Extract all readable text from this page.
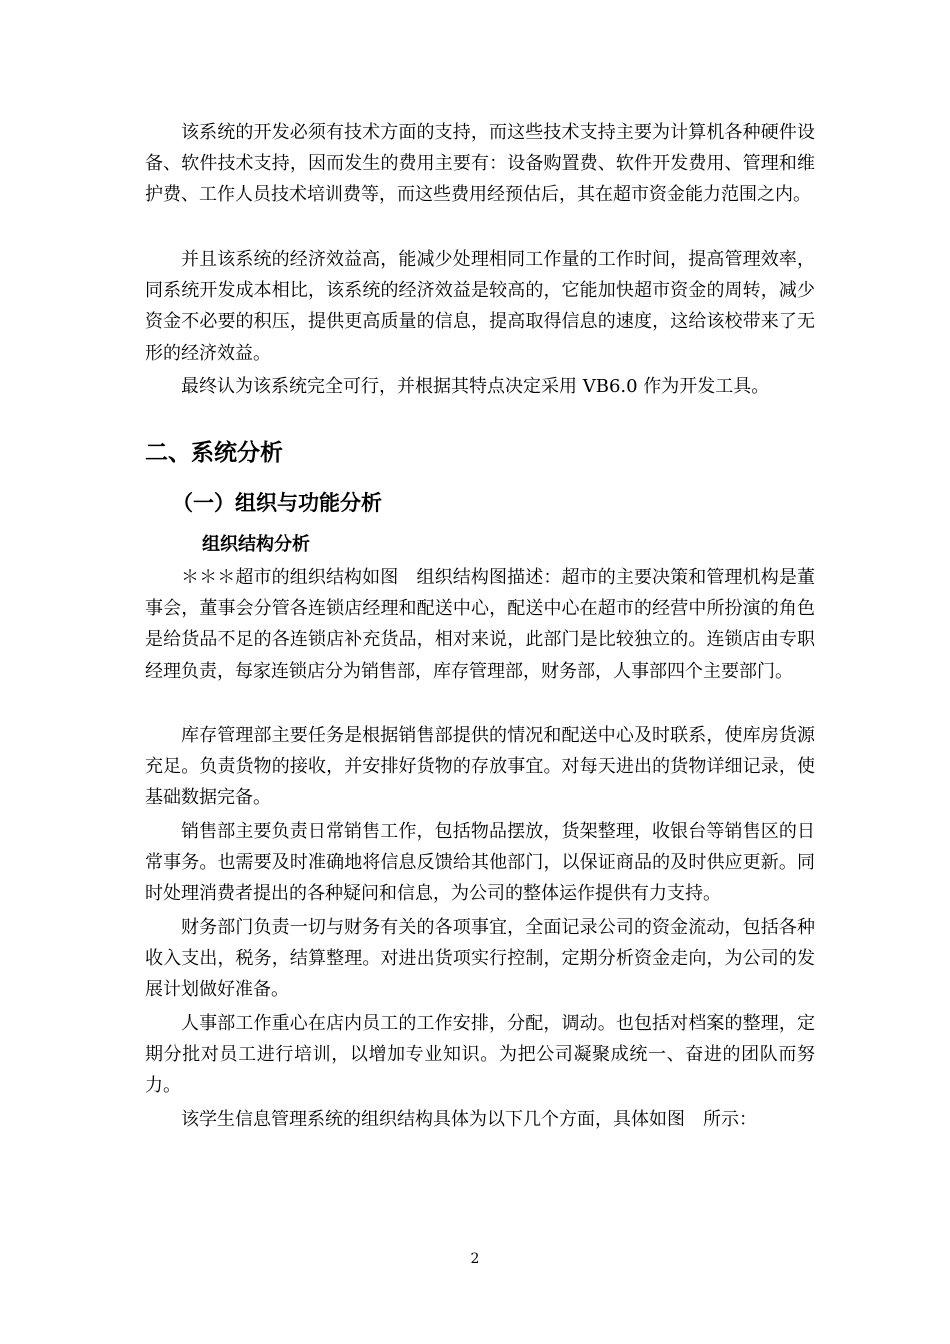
该系统的开发必须有技术方面的支持，而这些技术支持主要为计算机各种硬件设备、软件技术支持，因而发生的费用主要有：设备购置费、软件开发费用、管理和维护费、工作人员技术培训费等，而这些费用经预估后，其在超市资金能力范围之内。

并且该系统的经济效益高，能减少处理相同工作量的工作时间，提高管理效率，同系统开发成本相比，该系统的经济效益是较高的，它能加快超市资金的周转，减少资金不必要的积压，提供更高质量的信息，提高取得信息的速度，这给该校带来了无形的经济效益。

最终认为该系统完全可行，并根据其特点决定采用 VB6.0 作为开发工具。

二、系统分析
（一）组织与功能分析
组织结构分析

＊＊＊超市的组织结构如图　组织结构图描述：超市的主要决策和管理机构是董事会，董事会分管各连锁店经理和配送中心，配送中心在超市的经营中所扮演的角色是给货品不足的各连锁店补充货品，相对来说，此部门是比较独立的。连锁店由专职经理负责，每家连锁店分为销售部，库存管理部，财务部，人事部四个主要部门。

库存管理部主要任务是根据销售部提供的情况和配送中心及时联系，使库房货源充足。负责货物的接收，并安排好货物的存放事宜。对每天进出的货物详细记录，使基础数据完备。

销售部主要负责日常销售工作，包括物品摆放，货架整理，收银台等销售区的日常事务。也需要及时准确地将信息反馈给其他部门，以保证商品的及时供应更新。同时处理消费者提出的各种疑问和信息，为公司的整体运作提供有力支持。

财务部门负责一切与财务有关的各项事宜，全面记录公司的资金流动，包括各种收入支出，税务，结算整理。对进出货项实行控制，定期分析资金走向，为公司的发展计划做好准备。

人事部工作重心在店内员工的工作安排，分配，调动。也包括对档案的整理，定期分批对员工进行培训，以增加专业知识。为把公司凝聚成统一、奋进的团队而努力。

该学生信息管理系统的组织结构具体为以下几个方面，具体如图　所示：

2
